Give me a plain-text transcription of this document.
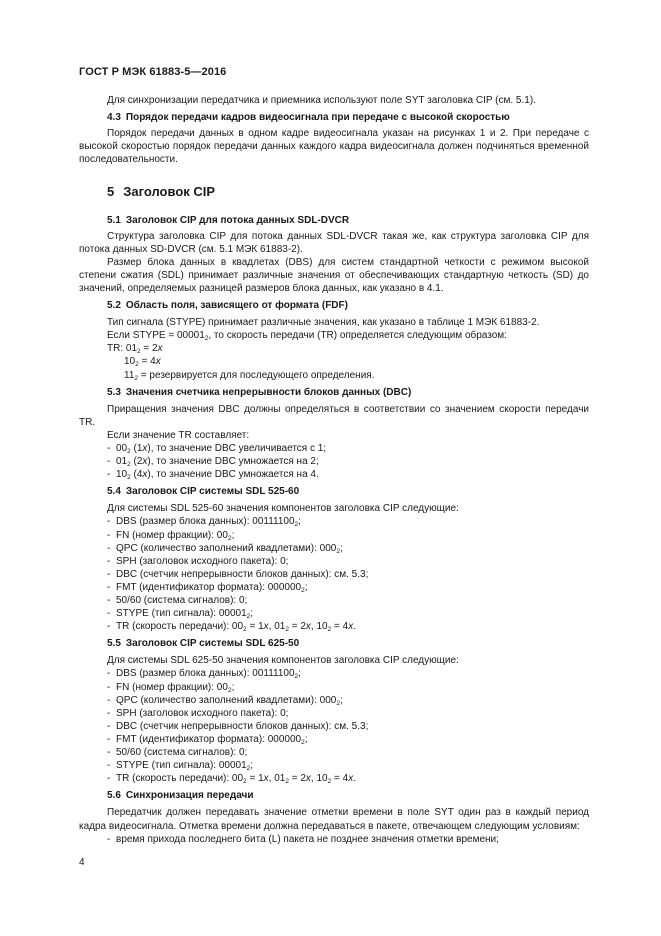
ГОСТ Р МЭК 61883-5—2016

Для синхронизации передатчика и приемника используют поле SYT заголовка CIP (см. 5.1).

4.3 Порядок передачи кадров видеосигнала при передаче с высокой скоростью

Порядок передачи данных в одном кадре видеосигнала указан на рисунках 1 и 2. При передаче с высокой скоростью порядок передачи данных каждого кадра видеосигнала должен подчиняться временной последовательности.

5 Заголовок CIP

5.1 Заголовок CIP для потока данных SDL-DVCR

Структура заголовка CIP для потока данных SDL-DVCR такая же, как структура заголовка CIP для потока данных SD-DVCR (см. 5.1 МЭК 61883-2).

Размер блока данных в квадлетах (DBS) для систем стандартной четкости с режимом высокой степени сжатия (SDL) принимает различные значения от обеспечивающих стандартную четкость (SD) до значений, определяемых разницей размеров блока данных, как указано в 4.1.

5.2 Область поля, зависящего от формата (FDF)

Тип сигнала (STYPE) принимает различные значения, как указано в таблице 1 МЭК 61883-2.

Если STYPE = $00001_2$, то скорость передачи (TR) определяется следующим образом:

TR: $01_2 = 2x$

$10_2 = 4x$

$11_2$ = резервируется для последующего определения.

5.3 Значения счетчика непрерывности блоков данных (DBC)

Приращения значения DBC должны определяться в соответствии со значением скорости передачи TR.

Если значение TR составляет:

- $00_2$ (1x), то значение DBC увеличивается с 1;

- $01_2$ (2x), то значение DBC умножается на 2;

- $10_2$ (4x), то значение DBC умножается на 4.

5.4 Заголовок CIP системы SDL 525-60

Для системы SDL 525-60 значения компонентов заголовка CIP следующие:

- DBS (размер блока данных): $00111100_2$;

- FN (номер фракции): $00_2$;

- QPC (количество заполнений квадлетами): $000_2$;

- SPH (заголовок исходного пакета): 0;

- DBC (счетчик непрерывности блоков данных): см. 5.3;

- FMT (идентификатор формата): $000000_2$;

- 50/60 (система сигналов): 0;

- STYPE (тип сигнала): $00001_2$;

- TR (скорость передачи): $00_2 = 1x$, $01_2 = 2x$, $10_2 = 4x$.

5.5 Заголовок CIP системы SDL 625-50

Для системы SDL 625-50 значения компонентов заголовка CIP следующие:

- DBS (размер блока данных): $00111100_2$;

- FN (номер фракции): $00_2$;

- QPC (количество заполнений квадлетами): $000_2$;

- SPH (заголовок исходного пакета): 0;

- DBC (счетчик непрерывности блоков данных): см. 5.3;

- FMT (идентификатор формата): $000000_2$;

- 50/60 (система сигналов): 0;

- STYPE (тип сигнала): $00001_2$;

- TR (скорость передачи): $00_2 = 1x$, $01_2 = 2x$, $10_2 = 4x$.

5.6 Синхронизация передачи

Передатчик должен передавать значение отметки времени в поле SYT один раз в каждый период кадра видеосигнала. Отметка времени должна передаваться в пакете, отвечающем следующим условиям:

- время прихода последнего бита (L) пакета не позднее значения отметки времени;

4
